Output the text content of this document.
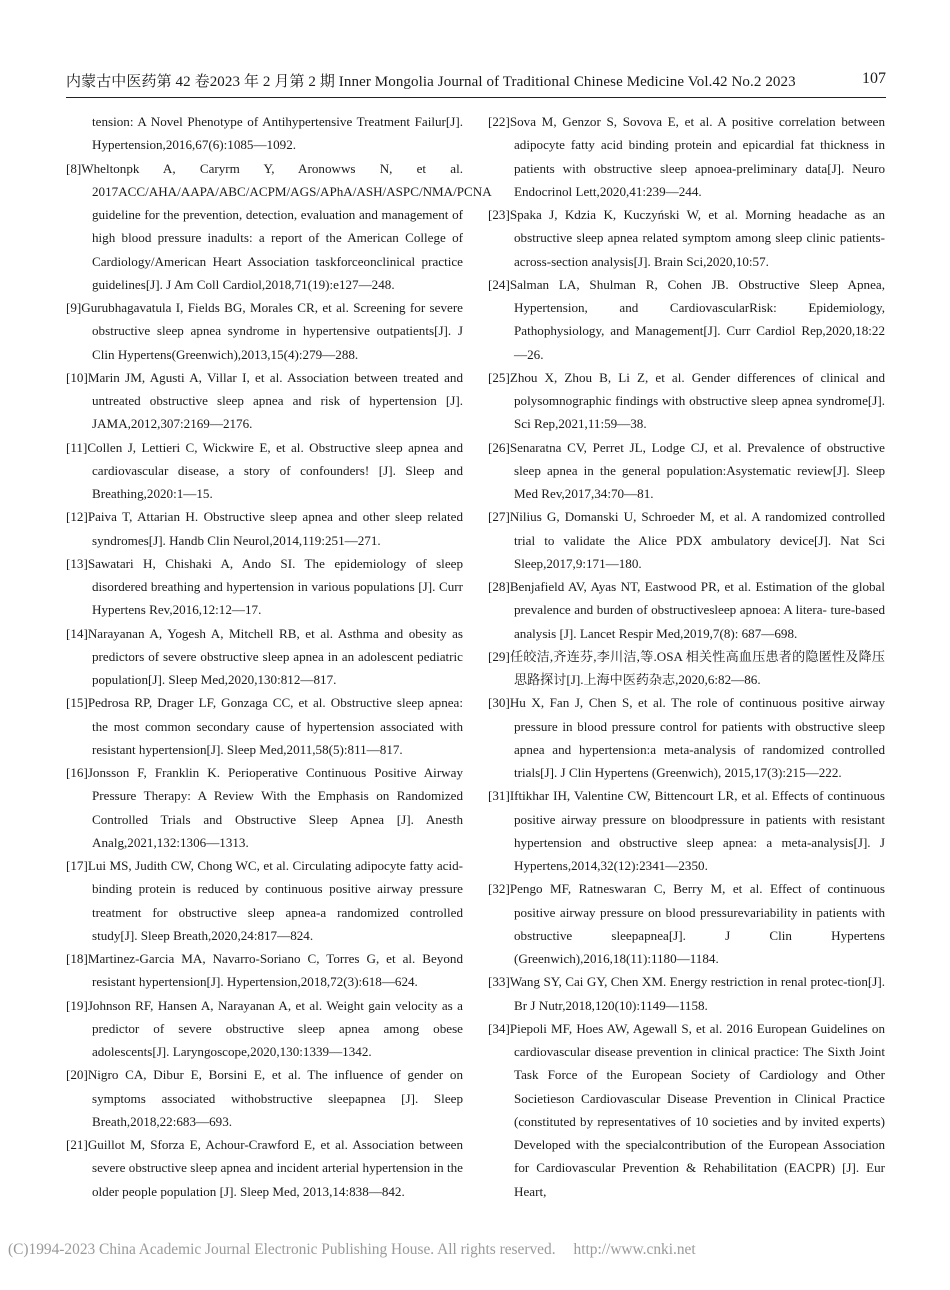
内蒙古中医药第 42 卷2023 年 2 月第 2 期 Inner Mongolia Journal of Traditional Chinese Medicine Vol.42 No.2 2023	107

tension: A Novel Phenotype of Antihypertensive Treatment Failur[J]. Hypertension,2016,67(6):1085—1092.

[8]Wheltonpk A, Caryrm Y, Aronowws N, et al. 2017ACC/AHA/AAPA/ABC/ACPM/AGS/APhA/ASH/ASPC/NMA/PCNA guideline for the prevention, detection, evaluation and management of high blood pressure inadults: a report of the American College of Cardiology/American Heart Association taskforceonclinical practice guidelines[J]. J Am Coll Cardiol,2018,71(19):e127—248.

[9]Gurubhagavatula I, Fields BG, Morales CR, et al. Screening for severe obstructive sleep apnea syndrome in hypertensive outpatients[J]. J Clin Hypertens(Greenwich),2013,15(4):279—288.

[10]Marin JM, Agusti A, Villar I, et al. Association between treated and untreated obstructive sleep apnea and risk of hypertension [J]. JAMA,2012,307:2169—2176.

[11]Collen J, Lettieri C, Wickwire E, et al. Obstructive sleep apnea and cardiovascular disease, a story of confounders! [J]. Sleep and Breathing,2020:1—15.

[12]Paiva T, Attarian H. Obstructive sleep apnea and other sleep related syndromes[J]. Handb Clin Neurol,2014,119:251—271.

[13]Sawatari H, Chishaki A, Ando SI. The epidemiology of sleep disordered breathing and hypertension in various populations [J]. Curr Hypertens Rev,2016,12:12—17.

[14]Narayanan A, Yogesh A, Mitchell RB, et al. Asthma and obesity as predictors of severe obstructive sleep apnea in an adolescent pediatric population[J]. Sleep Med,2020,130:812—817.

[15]Pedrosa RP, Drager LF, Gonzaga CC, et al. Obstructive sleep apnea: the most common secondary cause of hypertension associated with resistant hypertension[J]. Sleep Med,2011,58(5):811—817.

[16]Jonsson F, Franklin K. Perioperative Continuous Positive Airway Pressure Therapy: A Review With the Emphasis on Randomized Controlled Trials and Obstructive Sleep Apnea [J]. Anesth Analg,2021,132:1306—1313.

[17]Lui MS, Judith CW, Chong WC, et al. Circulating adipocyte fatty acid-binding protein is reduced by continuous positive airway pressure treatment for obstructive sleep apnea-a randomized controlled study[J]. Sleep Breath,2020,24:817—824.

[18]Martinez-Garcia MA, Navarro-Soriano C, Torres G, et al. Beyond resistant hypertension[J]. Hypertension,2018,72(3):618—624.

[19]Johnson RF, Hansen A, Narayanan A, et al. Weight gain velocity as a predictor of severe obstructive sleep apnea among obese adolescents[J]. Laryngoscope,2020,130:1339—1342.

[20]Nigro CA, Dibur E, Borsini E, et al. The influence of gender on symptoms associated withobstructive sleepapnea [J]. Sleep Breath,2018,22:683—693.

[21]Guillot M, Sforza E, Achour-Crawford E, et al. Association between severe obstructive sleep apnea and incident arterial hypertension in the older people population [J]. Sleep Med, 2013,14:838—842.

[22]Sova M, Genzor S, Sovova E, et al. A positive correlation between adipocyte fatty acid binding protein and epicardial fat thickness in patients with obstructive sleep apnoea-preliminary data[J]. Neuro Endocrinol Lett,2020,41:239—244.

[23]Spaka J, Kdzia K, Kuczyński W, et al. Morning headache as an obstructive sleep apnea related symptom among sleep clinic patients-across-section analysis[J]. Brain Sci,2020,10:57.

[24]Salman LA, Shulman R, Cohen JB. Obstructive Sleep Apnea, Hypertension, and CardiovascularRisk: Epidemiology, Pathophysiology, and Management[J]. Curr Cardiol Rep,2020,18:22—26.

[25]Zhou X, Zhou B, Li Z, et al. Gender differences of clinical and polysomnographic findings with obstructive sleep apnea syndrome[J]. Sci Rep,2021,11:59—38.

[26]Senaratna CV, Perret JL, Lodge CJ, et al. Prevalence of obstructive sleep apnea in the general population:Asystematic review[J]. Sleep Med Rev,2017,34:70—81.

[27]Nilius G, Domanski U, Schroeder M, et al. A randomized controlled trial to validate the Alice PDX ambulatory device[J]. Nat Sci Sleep,2017,9:171—180.

[28]Benjafield AV, Ayas NT, Eastwood PR, et al. Estimation of the global prevalence and burden of obstructivesleep apnoea: A litera- ture-based analysis [J]. Lancet Respir Med,2019,7(8): 687—698.

[29]任皎洁,齐连芬,李川洁,等.OSA 相关性高血压患者的隐匿性及降压思路探讨[J].上海中医药杂志,2020,6:82—86.

[30]Hu X, Fan J, Chen S, et al. The role of continuous positive airway pressure in blood pressure control for patients with obstructive sleep apnea and hypertension:a meta-analysis of randomized controlled trials[J]. J Clin Hypertens (Greenwich), 2015,17(3):215—222.

[31]Iftikhar IH, Valentine CW, Bittencourt LR, et al. Effects of continuous positive airway pressure on bloodpressure in patients with resistant hypertension and obstructive sleep apnea: a meta-analysis[J]. J Hypertens,2014,32(12):2341—2350.

[32]Pengo MF, Ratneswaran C, Berry M, et al. Effect of continuous positive airway pressure on blood pressurevariability in patients with obstructive sleepapnea[J]. J Clin Hypertens (Greenwich),2016,18(11):1180—1184.

[33]Wang SY, Cai GY, Chen XM. Energy restriction in renal protec-tion[J]. Br J Nutr,2018,120(10):1149—1158.

[34]Piepoli MF, Hoes AW, Agewall S, et al. 2016 European Guidelines on cardiovascular disease prevention in clinical practice: The Sixth Joint Task Force of the European Society of Cardiology and Other Societieson Cardiovascular Disease Prevention in Clinical Practice (constituted by representatives of 10 societies and by invited experts) Developed with the specialcontribution of the European Association for Cardiovascular Prevention & Rehabilitation (EACPR) [J]. Eur Heart,

(C)1994-2023 China Academic Journal Electronic Publishing House. All rights reserved. http://www.cnki.net
